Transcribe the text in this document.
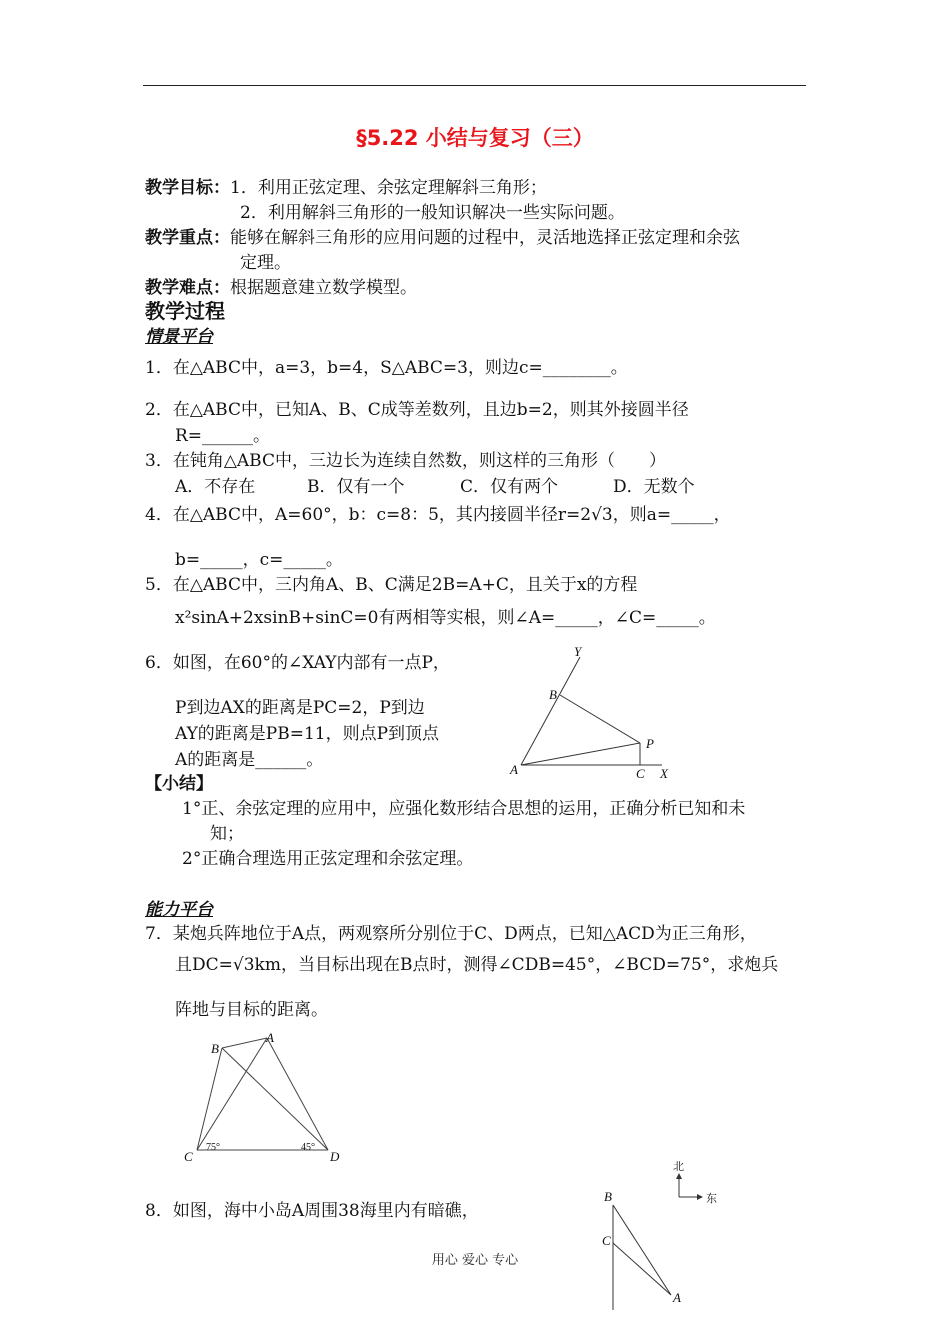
§5.22 小结与复习（三）
教学目标：1．利用正弦定理、余弦定理解斜三角形；
2．利用解斜三角形的一般知识解决一些实际问题。
教学重点：能够在解斜三角形的应用问题的过程中，灵活地选择正弦定理和余弦
定理。
教学难点：根据题意建立数学模型。
教学过程
情景平台
1．在△ABC中，a=3，b=4，S△ABC=3，则边c=________。
2．在△ABC中，已知A、B、C成等差数列，且边b=2，则其外接圆半径
R=______。
3．在钝角△ABC中，三边长为连续自然数，则这样的三角形（　　）
A．不存在	B．仅有一个	C．仅有两个	D．无数个
4．在△ABC中，A=60°，b：c=8：5，其内接圆半径r=2√3，则a=_____，
b=_____，c=_____。
5．在△ABC中，三内角A、B、C满足2B=A+C，且关于x的方程
x²sinA+2xsinB+sinC=0有两相等实根，则∠A=_____，∠C=_____。
6．如图，在60°的∠XAY内部有一点P，
P到边AX的距离是PC=2，P到边
AY的距离是PB=11，则点P到顶点
A的距离是______。
Y
B
P
A	C X
【小结】
1°正、余弦定理的应用中，应强化数形结合思想的运用，正确分析已知和未
知；
2°正确合理选用正弦定理和余弦定理。
能力平台
7．某炮兵阵地位于A点，两观察所分别位于C、D两点，已知△ACD为正三角形，
且DC=√3km，当目标出现在B点时，测得∠CDB=45°，∠BCD=75°，求炮兵
阵地与目标的距离。
B
A
C	D
75°	45°
8．如图，海中小岛A周围38海里内有暗礁，
北
东
B
C
A
用心 爱心 专心
